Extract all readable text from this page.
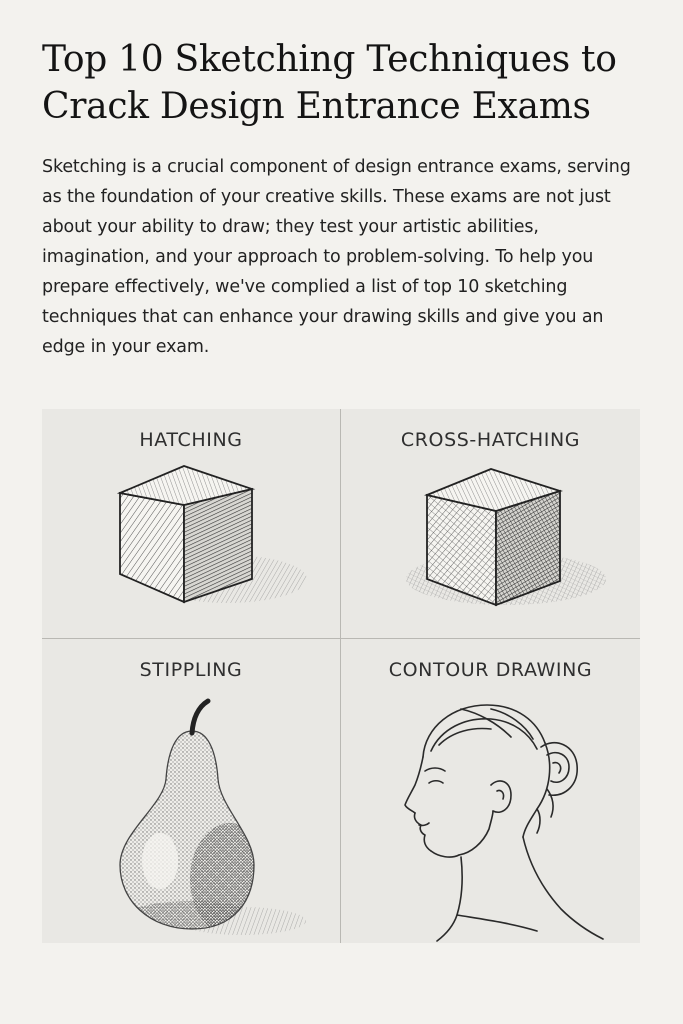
Top 10 Sketching Techniques to Crack Design Entrance Exams

Sketching is a crucial component of design entrance exams, serving as the foundation of your creative skills. These exams are not just about your ability to draw; they test your artistic abilities, imagination, and your approach to problem-solving. To help you prepare effectively, we've complied a list of top 10 sketching techniques that can enhance your drawing skills and give you an edge in your exam.

HATCHING	CROSS-HATCHING
STIPPLING	CONTOUR DRAWING
